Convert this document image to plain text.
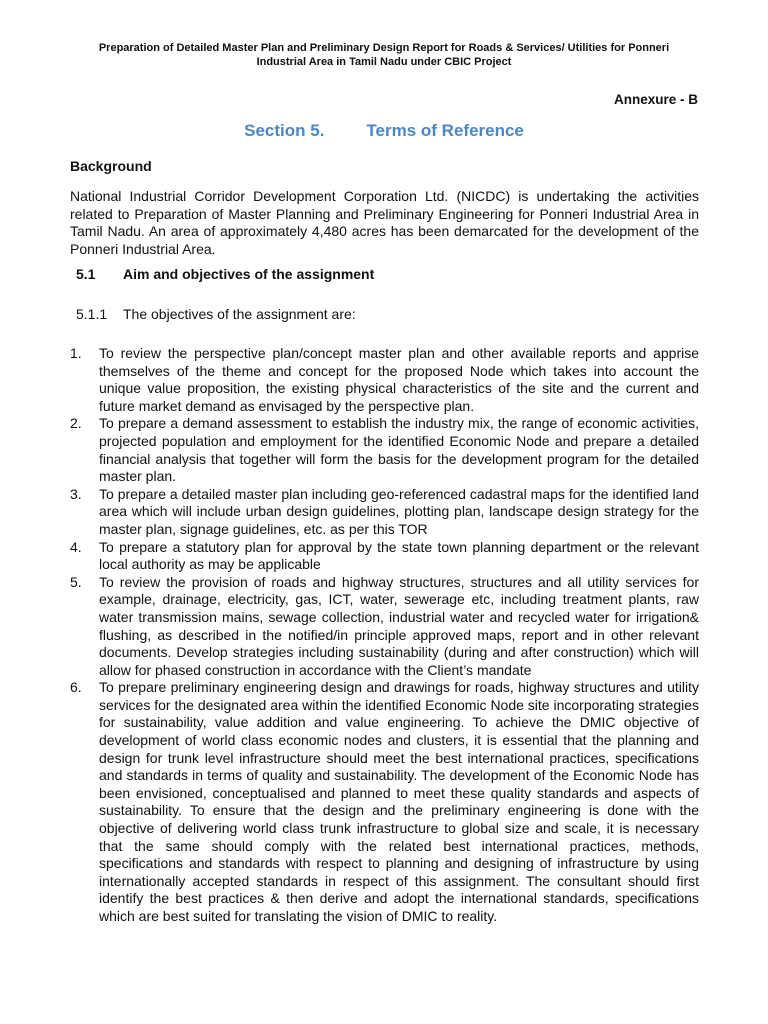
Preparation of Detailed Master Plan and Preliminary Design Report for Roads & Services/ Utilities for Ponneri
Industrial Area in Tamil Nadu under CBIC Project
Annexure - B
Section 5. Terms of Reference
Background

National Industrial Corridor Development Corporation Ltd. (NICDC) is undertaking the activities related to Preparation of Master Planning and Preliminary Engineering for Ponneri Industrial Area in Tamil Nadu. An area of approximately 4,480 acres has been demarcated for the development of the Ponneri Industrial Area.

5.1 Aim and objectives of the assignment
5.1.1 The objectives of the assignment are:
1. To review the perspective plan/concept master plan and other available reports and apprise themselves of the theme and concept for the proposed Node which takes into account the unique value proposition, the existing physical characteristics of the site and the current and future market demand as envisaged by the perspective plan.
2. To prepare a demand assessment to establish the industry mix, the range of economic activities, projected population and employment for the identified Economic Node and prepare a detailed financial analysis that together will form the basis for the development program for the detailed master plan.
3. To prepare a detailed master plan including geo-referenced cadastral maps for the identified land area which will include urban design guidelines, plotting plan, landscape design strategy for the master plan, signage guidelines, etc. as per this TOR
4. To prepare a statutory plan for approval by the state town planning department or the relevant local authority as may be applicable
5. To review the provision of roads and highway structures, structures and all utility services for example, drainage, electricity, gas, ICT, water, sewerage etc, including treatment plants, raw water transmission mains, sewage collection, industrial water and recycled water for irrigation& flushing, as described in the notified/in principle approved maps, report and in other relevant documents. Develop strategies including sustainability (during and after construction) which will allow for phased construction in accordance with the Client’s mandate
6. To prepare preliminary engineering design and drawings for roads, highway structures and utility services for the designated area within the identified Economic Node site incorporating strategies for sustainability, value addition and value engineering. To achieve the DMIC objective of development of world class economic nodes and clusters, it is essential that the planning and design for trunk level infrastructure should meet the best international practices, specifications and standards in terms of quality and sustainability. The development of the Economic Node has been envisioned, conceptualised and planned to meet these quality standards and aspects of sustainability. To ensure that the design and the preliminary engineering is done with the objective of delivering world class trunk infrastructure to global size and scale, it is necessary that the same should comply with the related best international practices, methods, specifications and standards with respect to planning and designing of infrastructure by using internationally accepted standards in respect of this assignment. The consultant should first identify the best practices & then derive and adopt the international standards, specifications which are best suited for translating the vision of DMIC to reality.
